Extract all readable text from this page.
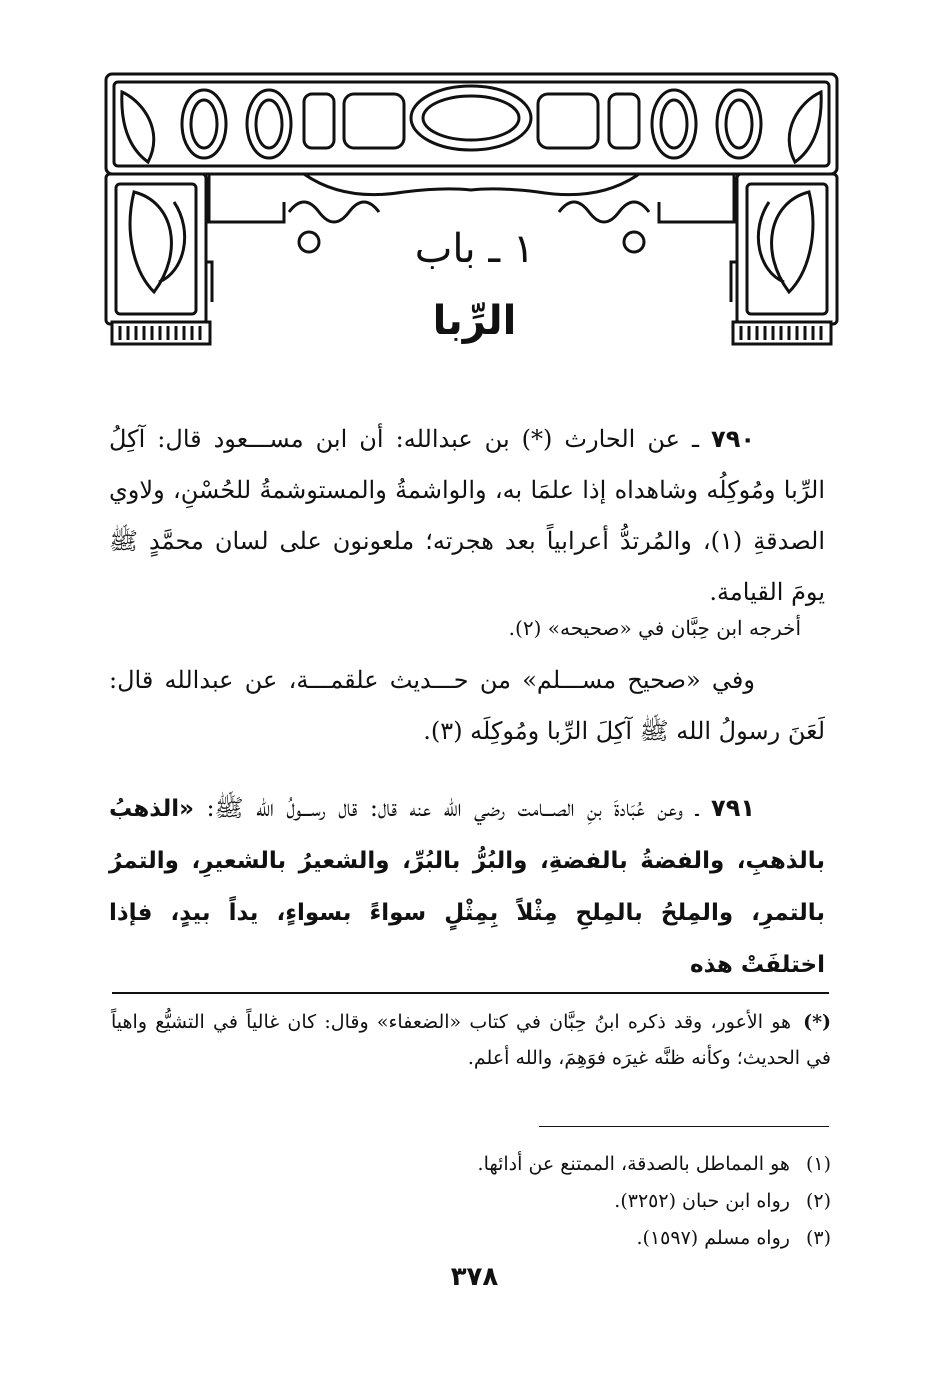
١ ـ باب
الرِّبا
٧٩٠ ـ عن الحارث (*) بن عبدالله: أن ابن مســـعود قال: آكِلُ الرِّبا ومُوكِلُه وشاهداه إذا علمَا به، والواشمةُ والمستوشمةُ للحُسْنِ، ولاوي الصدقةِ (١)، والمُرتدُّ أعرابياً بعد هجرته؛ ملعونون على لسان محمَّدٍ ﷺ يومَ القيامة.
أخرجه ابن حِبَّان في «صحيحه» (٢).
وفي «صحيح مســـلم» من حـــديث علقمـــة، عن عبدالله قال: لَعَنَ رسولُ الله ﷺ آكِلَ الرِّبا ومُوكِلَه (٣).
٧٩١ ـ وعن عُبَادةَ بنِ الصـــامت رضي الله عنه قال: قال رســـولُ الله ﷺ: «الذهبُ بالذهبِ، والفضةُ بالفضةِ، والبُرُّ بالبُرِّ، والشعيرُ بالشعيرِ، والتمرُ بالتمرِ، والمِلحُ بالمِلحِ مِثْلاً بِمِثْلٍ سواءً بسواءٍ، يداً بيدٍ، فإذا اختلفَتْ هذه
(*)هو الأعور، وقد ذكره ابنُ حِبَّان في كتاب «الضعفاء» وقال: كان غالياً في التشيُّع واهياً في الحديث؛ وكأنه ظنَّه غيرَه فوَهِمَ، والله أعلم.
(١)هو المماطل بالصدقة، الممتنع عن أدائها.
(٢)رواه ابن حبان (٣٢٥٢).
(٣)رواه مسلم (١٥٩٧).
٣٧٨
